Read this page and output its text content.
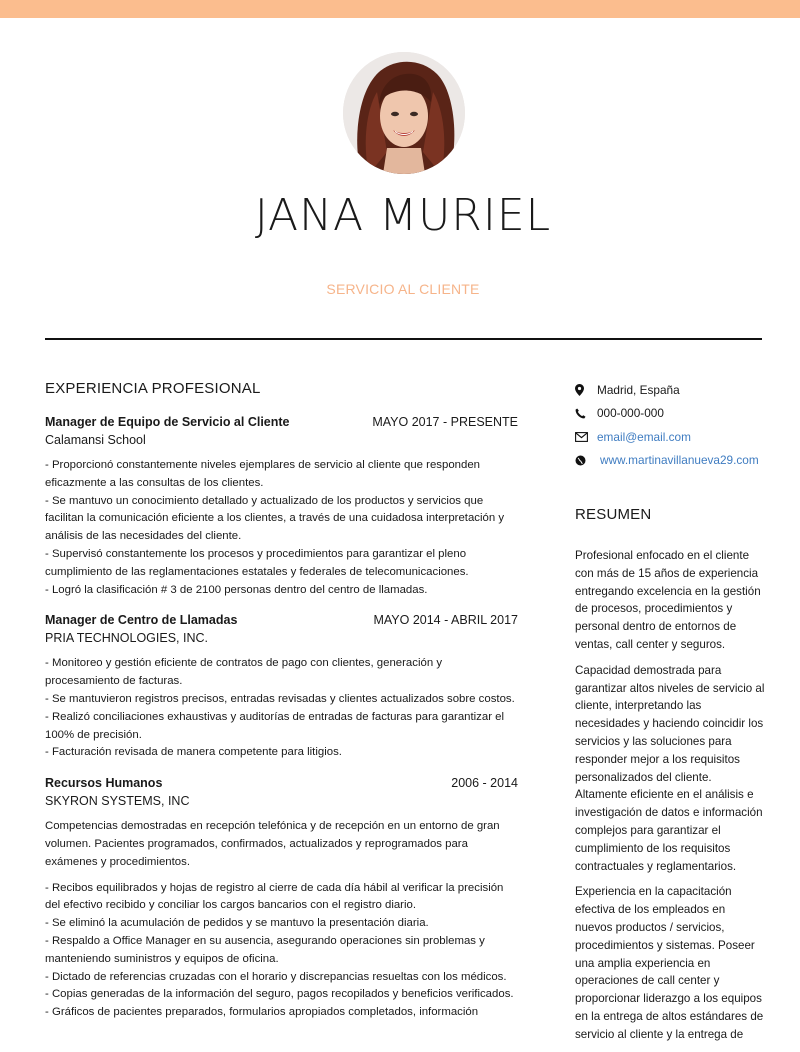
JANA MURIEL
SERVICIO AL CLIENTE
EXPERIENCIA PROFESIONAL
Manager de Equipo de Servicio al Cliente	MAYO 2017 - PRESENTE
Calamansi School

- Proporcionó constantemente niveles ejemplares de servicio al cliente que responden eficazmente a las consultas de los clientes.
- Se mantuvo un conocimiento detallado y actualizado de los productos y servicios que facilitan la comunicación eficiente a los clientes, a través de una cuidadosa interpretación y análisis de las necesidades del cliente.
- Supervisó constantemente los procesos y procedimientos para garantizar el pleno cumplimiento de las reglamentaciones estatales y federales de telecomunicaciones.
- Logró la clasificación # 3 de 2100 personas dentro del centro de llamadas.

Manager de Centro de Llamadas	MAYO 2014 - ABRIL 2017
PRIA TECHNOLOGIES, INC.

- Monitoreo y gestión eficiente de contratos de pago con clientes, generación y procesamiento de facturas.
- Se mantuvieron registros precisos, entradas revisadas y clientes actualizados sobre costos.
- Realizó conciliaciones exhaustivas y auditorías de entradas de facturas para garantizar el 100% de precisión.
- Facturación revisada de manera competente para litigios.

Recursos Humanos	2006 - 2014
SKYRON SYSTEMS, INC

Competencias demostradas en recepción telefónica y de recepción en un entorno de gran volumen. Pacientes programados, confirmados, actualizados y reprogramados para exámenes y procedimientos.

- Recibos equilibrados y hojas de registro al cierre de cada día hábil al verificar la precisión del efectivo recibido y conciliar los cargos bancarios con el registro diario.
- Se eliminó la acumulación de pedidos y se mantuvo la presentación diaria.
- Respaldo a Office Manager en su ausencia, asegurando operaciones sin problemas y manteniendo suministros y equipos de oficina.
- Dictado de referencias cruzadas con el horario y discrepancias resueltas con los médicos.
- Copias generadas de la información del seguro, pagos recopilados y beneficios verificados.
- Gráficos de pacientes preparados, formularios apropiados completados, información

Madrid, España
000-000-000
email@email.com
www.martinavillanueva29.com
RESUMEN

Profesional enfocado en el cliente con más de 15 años de experiencia entregando excelencia en la gestión de procesos, procedimientos y personal dentro de entornos de ventas, call center y seguros.

Capacidad demostrada para garantizar altos niveles de servicio al cliente, interpretando las necesidades y haciendo coincidir los servicios y las soluciones para responder mejor a los requisitos personalizados del cliente. Altamente eficiente en el análisis e investigación de datos e información complejos para garantizar el cumplimiento de los requisitos contractuales y reglamentarios.

Experiencia en la capacitación efectiva de los empleados en nuevos productos / servicios, procedimientos y sistemas. Poseer una amplia experiencia en operaciones de call center y proporcionar liderazgo a los equipos en la entrega de altos estándares de servicio al cliente y la entrega de
